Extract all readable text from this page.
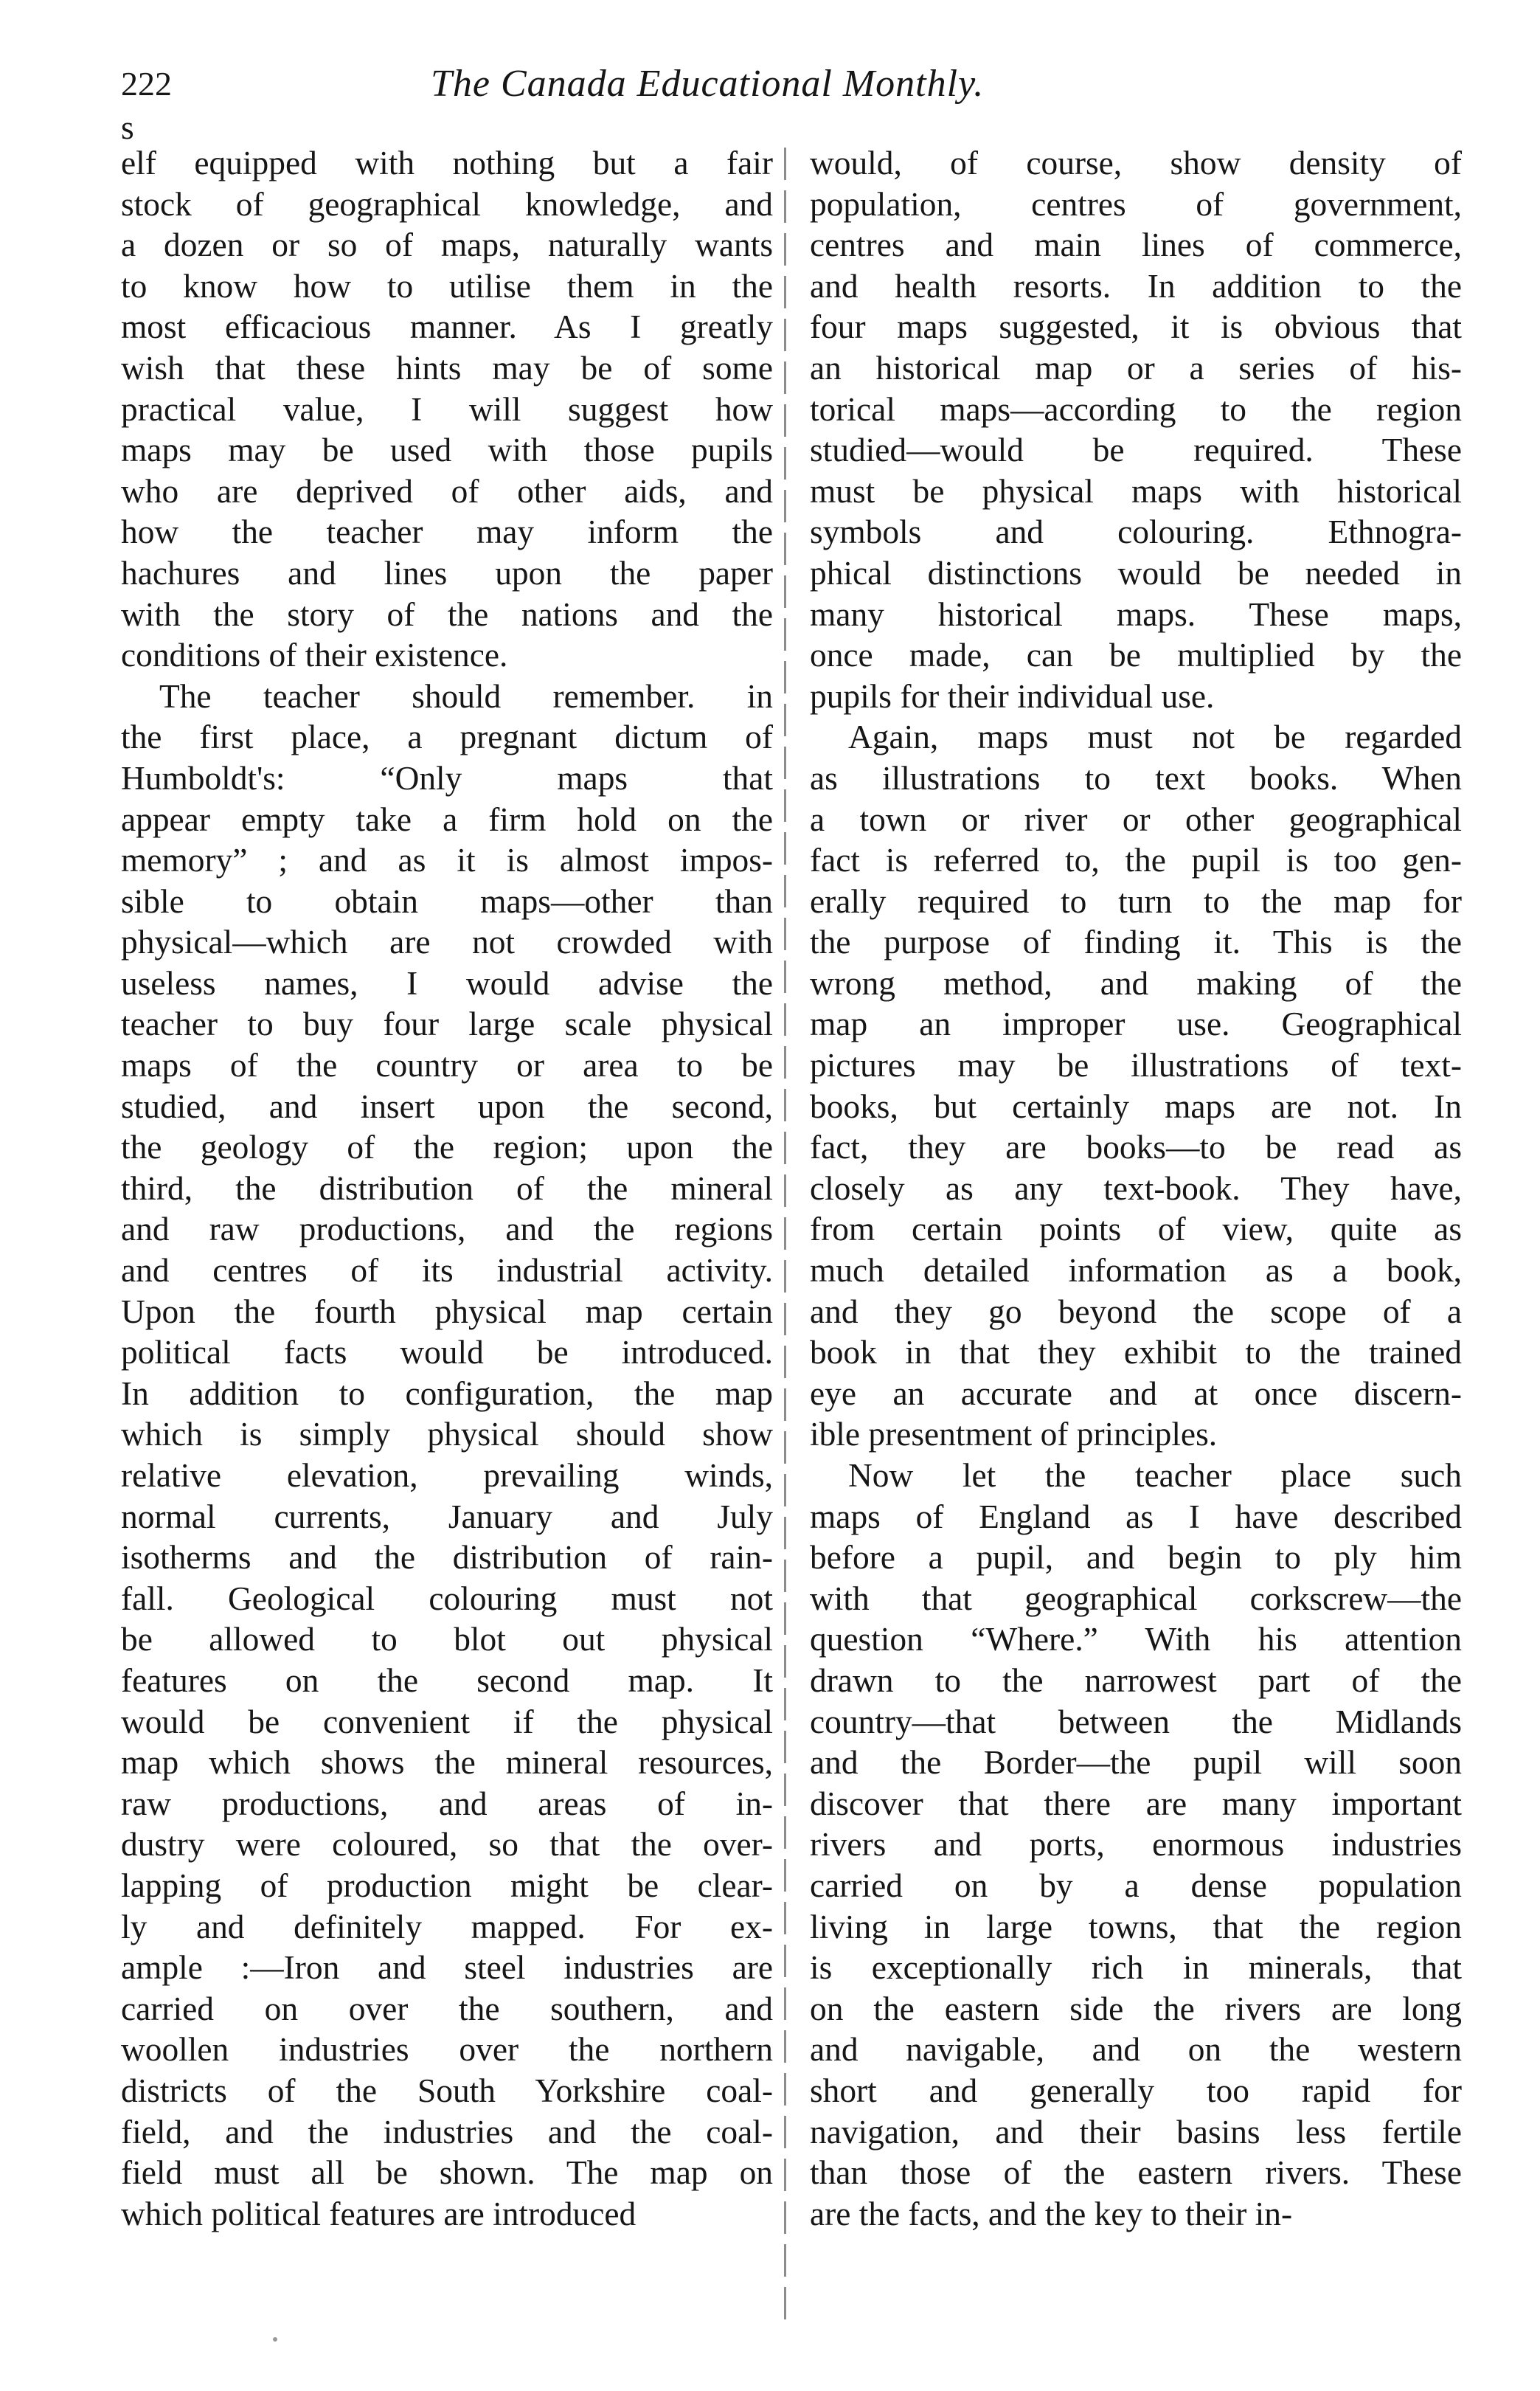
222	The Canada Educational Monthly.
s
elf equipped with nothing but a fair
stock of geographical knowledge, and
a dozen or so of maps, naturally wants
to know how to utilise them in the
most efficacious manner. As I greatly
wish that these hints may be of some
practical value, I will suggest how
maps may be used with those pupils
who are deprived of other aids, and
how the teacher may inform the
hachures and lines upon the paper
with the story of the nations and the
conditions of their existence.
The teacher should remember. in
the first place, a pregnant dictum of
Humboldt's: “Only maps that
appear empty take a firm hold on the
memory” ; and as it is almost impos-
sible to obtain maps—other than
physical—which are not crowded with
useless names, I would advise the
teacher to buy four large scale physical
maps of the country or area to be
studied, and insert upon the second,
the geology of the region; upon the
third, the distribution of the mineral
and raw productions, and the regions
and centres of its industrial activity.
Upon the fourth physical map certain
political facts would be introduced.
In addition to configuration, the map
which is simply physical should show
relative elevation, prevailing winds,
normal currents, January and July
isotherms and the distribution of rain-
fall. Geological colouring must not
be allowed to blot out physical
features on the second map. It
would be convenient if the physical
map which shows the mineral resources,
raw productions, and areas of in-
dustry were coloured, so that the over-
lapping of production might be clear-
ly and definitely mapped. For ex-
ample :—Iron and steel industries are
carried on over the southern, and
woollen industries over the northern
districts of the South Yorkshire coal-
field, and the industries and the coal-
field must all be shown. The map on
which political features are introduced
would, of course, show density of
population, centres of government,
centres and main lines of commerce,
and health resorts. In addition to the
four maps suggested, it is obvious that
an historical map or a series of his-
torical maps—according to the region
studied—would be required. These
must be physical maps with historical
symbols and colouring. Ethnogra-
phical distinctions would be needed in
many historical maps. These maps,
once made, can be multiplied by the
pupils for their individual use.
Again, maps must not be regarded
as illustrations to text books. When
a town or river or other geographical
fact is referred to, the pupil is too gen-
erally required to turn to the map for
the purpose of finding it. This is the
wrong method, and making of the
map an improper use. Geographical
pictures may be illustrations of text-
books, but certainly maps are not. In
fact, they are books—to be read as
closely as any text-book. They have,
from certain points of view, quite as
much detailed information as a book,
and they go beyond the scope of a
book in that they exhibit to the trained
eye an accurate and at once discern-
ible presentment of principles.
Now let the teacher place such
maps of England as I have described
before a pupil, and begin to ply him
with that geographical corkscrew—the
question “Where.” With his attention
drawn to the narrowest part of the
country—that between the Midlands
and the Border—the pupil will soon
discover that there are many important
rivers and ports, enormous industries
carried on by a dense population
living in large towns, that the region
is exceptionally rich in minerals, that
on the eastern side the rivers are long
and navigable, and on the western
short and generally too rapid for
navigation, and their basins less fertile
than those of the eastern rivers. These
are the facts, and the key to their in-
